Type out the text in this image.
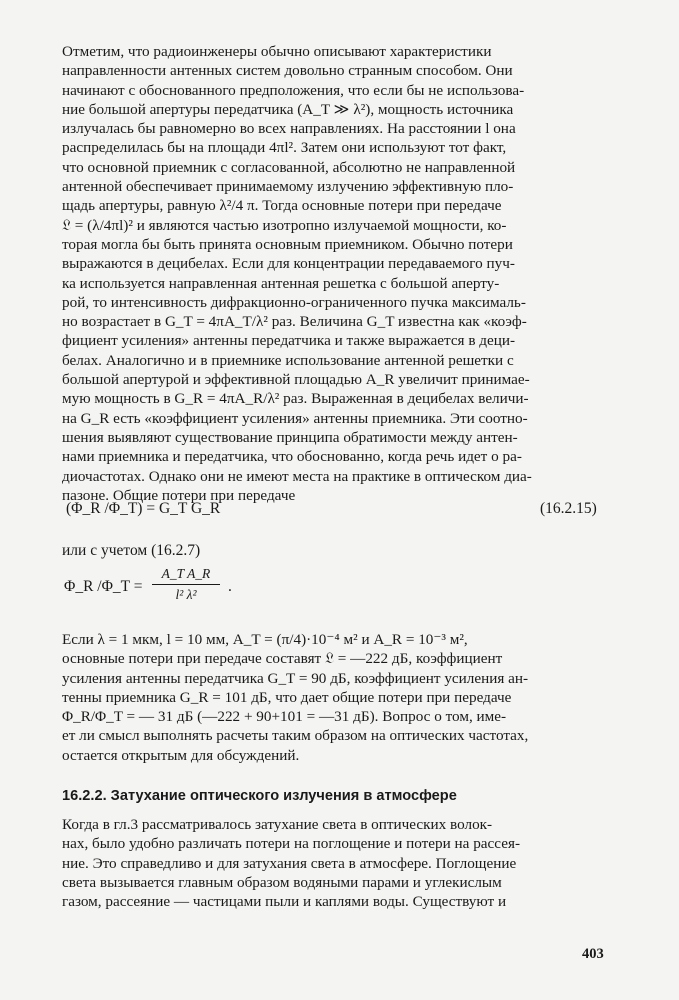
Отметим, что радиоинженеры обычно описывают характеристики
направленности антенных систем довольно странным способом. Они
начинают с обоснованного предположения, что если бы не использова-
ние большой апертуры передатчика (A_T ≫ λ²), мощность источника
излучалась бы равномерно во всех направлениях. На расстоянии l она
распределилась бы на площади 4πl². Затем они используют тот факт,
что основной приемник с согласованной, абсолютно не направленной
антенной обеспечивает принимаемому излучению эффективную пло-
щадь апертуры, равную λ²/4 π. Тогда основные потери при передаче
𝔏 = (λ/4πl)² и являются частью изотропно излучаемой мощности, ко-
торая могла бы быть принята основным приемником. Обычно потери
выражаются в децибелах. Если для концентрации передаваемого пуч-
ка используется направленная антенная решетка с большой аперту-
рой, то интенсивность дифракционно-ограниченного пучка максималь-
но возрастает в G_T = 4πA_T/λ² раз. Величина G_T известна как «коэф-
фициент усиления» антенны передатчика и также выражается в деци-
белах. Аналогично и в приемнике использование антенной решетки с
большой апертурой и эффективной площадью A_R увеличит принимае-
мую мощность в G_R = 4πA_R/λ² раз. Выраженная в децибелах величи-
на G_R есть «коэффициент усиления» антенны приемника. Эти соотно-
шения выявляют существование принципа обратимости между антен-
нами приемника и передатчика, что обоснованно, когда речь идет о ра-
диочастотах. Однако они не имеют места на практике в оптическом диа-
пазоне. Общие потери при передаче
(Φ_R /Φ_T) = G_T G_R	(16.2.15)
или с учетом (16.2.7)
Φ_R /Φ_T =
A_T A_R
l² λ²	.
Если λ = 1 мкм, l = 10 мм, A_T = (π/4)·10⁻⁴ м² и A_R = 10⁻³ м²,
основные потери при передаче составят 𝔏 = —222 дБ, коэффициент
усиления антенны передатчика G_T = 90 дБ, коэффициент усиления ан-
тенны приемника G_R = 101 дБ, что дает общие потери при передаче
Φ_R/Φ_T = — 31 дБ (—222 + 90+101 = —31 дБ). Вопрос о том, име-
ет ли смысл выполнять расчеты таким образом на оптических частотах,
остается открытым для обсуждений.
16.2.2. Затухание оптического излучения в атмосфере
Когда в гл.3 рассматривалось затухание света в оптических волок-
нах, было удобно различать потери на поглощение и потери на рассея-
ние. Это справедливо и для затухания света в атмосфере. Поглощение
света вызывается главным образом водяными парами и углекислым
газом, рассеяние — частицами пыли и каплями воды. Существуют и
403
